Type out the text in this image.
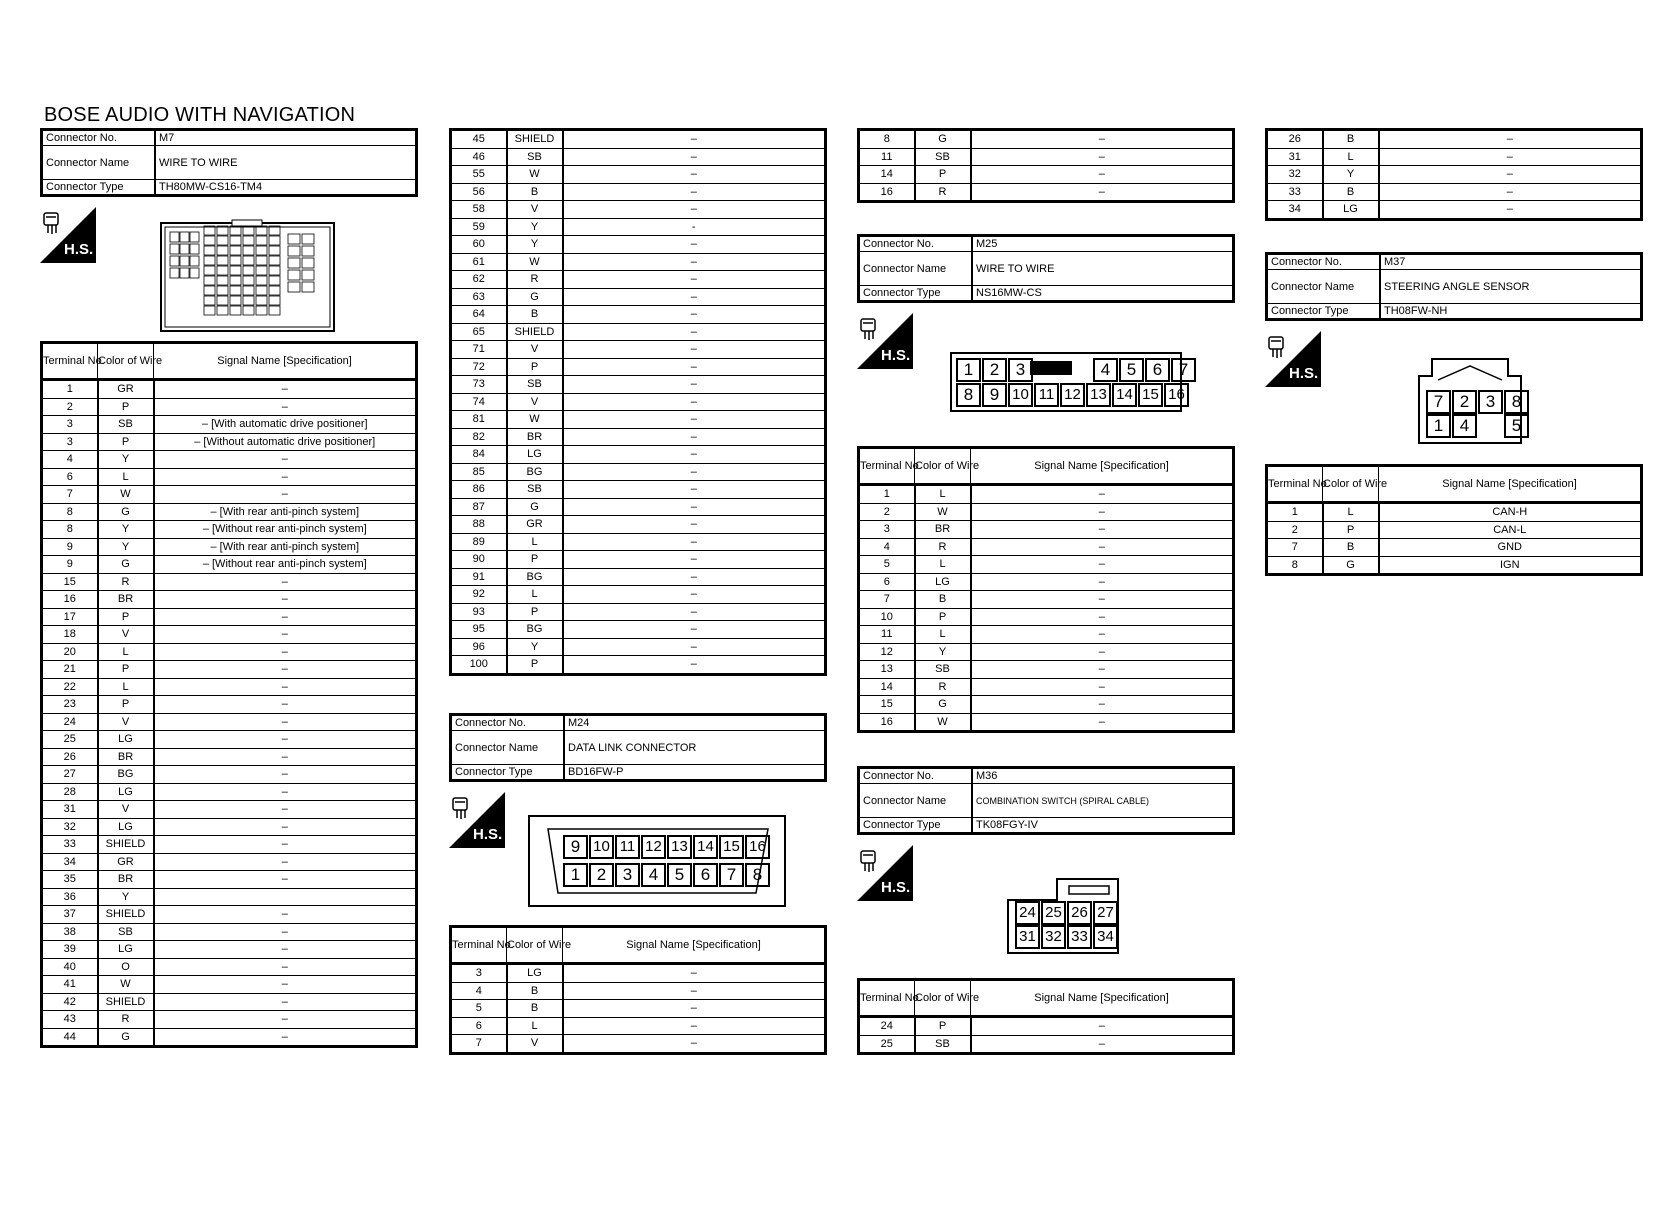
BOSE AUDIO WITH NAVIGATION
Connector No.	M7
Connector Name	WIRE TO WIRE
Connector Type	TH80MW-CS16-TM4
H.S.
Terminal No.	Color of Wire	Signal Name [Specification]
1	GR	–
2	P	–
3	SB	– [With automatic drive positioner]
3	P	– [Without automatic drive positioner]
4	Y	–
6	L	–
7	W	–
8	G	– [With rear anti-pinch system]
8	Y	– [Without rear anti-pinch system]
9	Y	– [With rear anti-pinch system]
9	G	– [Without rear anti-pinch system]
15	R	–
16	BR	–
17	P	–
18	V	–
20	L	–
21	P	–
22	L	–
23	P	–
24	V	–
25	LG	–
26	BR	–
27	BG	–
28	LG	–
31	V	–
32	LG	–
33	SHIELD	–
34	GR	–
35	BR	–
36	Y	
37	SHIELD	–
38	SB	–
39	LG	–
40	O	–
41	W	–
42	SHIELD	–
43	R	–
44	G	–
45	SHIELD	–
46	SB	–
55	W	–
56	B	–
58	V	–
59	Y	-
60	Y	–
61	W	–
62	R	–
63	G	–
64	B	–
65	SHIELD	–
71	V	–
72	P	–
73	SB	–
74	V	–
81	W	–
82	BR	–
84	LG	–
85	BG	–
86	SB	–
87	G	–
88	GR	–
89	L	–
90	P	–
91	BG	–
92	L	–
93	P	–
95	BG	–
96	Y	–
100	P	–
Connector No.	M24
Connector Name	DATA LINK CONNECTOR
Connector Type	BD16FW-P
H.S.
9 10 11 12 13 14 15 16
1 2 3 4 5 6 7 8
Terminal No.	Color of Wire	Signal Name [Specification]
3	LG	–
4	B	–
5	B	–
6	L	–
7	V	–
8	G	–
11	SB	–
14	P	–
16	R	–
Connector No.	M25
Connector Name	WIRE TO WIRE
Connector Type	NS16MW-CS
H.S.
1 2 3	4 5 6 7
8 9 10 11 12 13 14 15 16
Terminal No.	Color of Wire	Signal Name [Specification]
1	L	–
2	W	–
3	BR	–
4	R	–
5	L	–
6	LG	–
7	B	–
10	P	–
11	L	–
12	Y	–
13	SB	–
14	R	–
15	G	–
16	W	–
Connector No.	M36
Connector Name	COMBINATION SWITCH (SPIRAL CABLE)
Connector Type	TK08FGY-IV
H.S.
24 25 26 27
31 32 33 34
Terminal No.	Color of Wire	Signal Name [Specification]
24	P	–
25	SB	–
26	B	–
31	L	–
32	Y	–
33	B	–
34	LG	–
Connector No.	M37
Connector Name	STEERING ANGLE SENSOR
Connector Type	TH08FW-NH
H.S.
7 2 3 8
1 4	5
Terminal No.	Color of Wire	Signal Name [Specification]
1	L	CAN-H
2	P	CAN-L
7	B	GND
8	G	IGN
